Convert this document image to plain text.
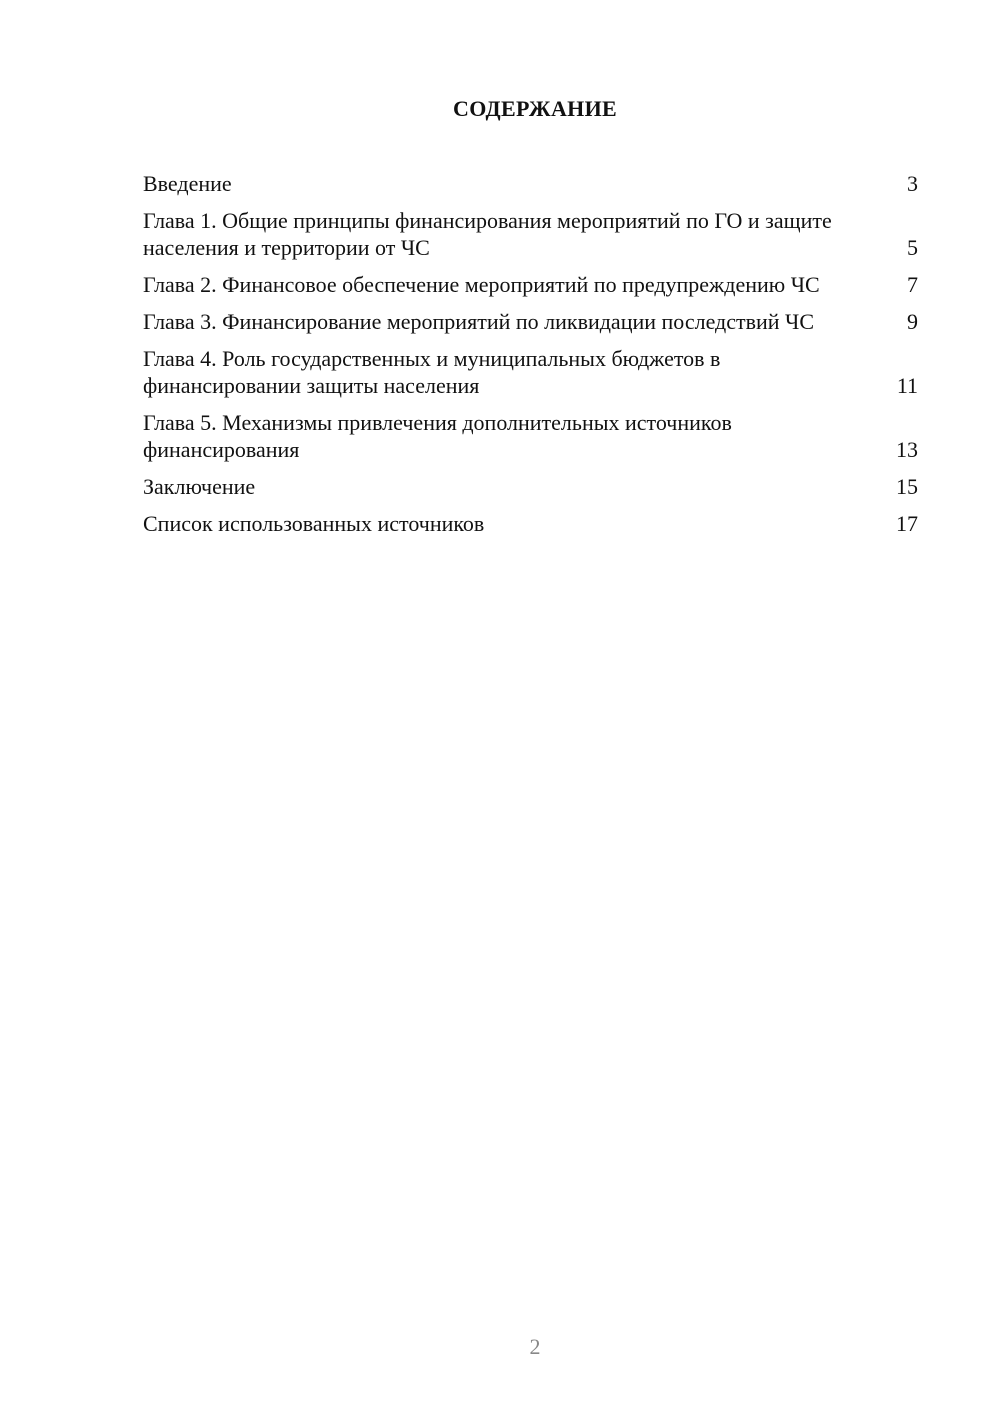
СОДЕРЖАНИЕ
Введение	3
Глава 1. Общие принципы финансирования мероприятий по ГО и защите населения и территории от ЧС	5
Глава 2. Финансовое обеспечение мероприятий по предупреждению ЧС	7
Глава 3. Финансирование мероприятий по ликвидации последствий ЧС	9
Глава 4. Роль государственных и муниципальных бюджетов в финансировании защиты населения	11
Глава 5. Механизмы привлечения дополнительных источников финансирования	13
Заключение	15
Список использованных источников	17
2
